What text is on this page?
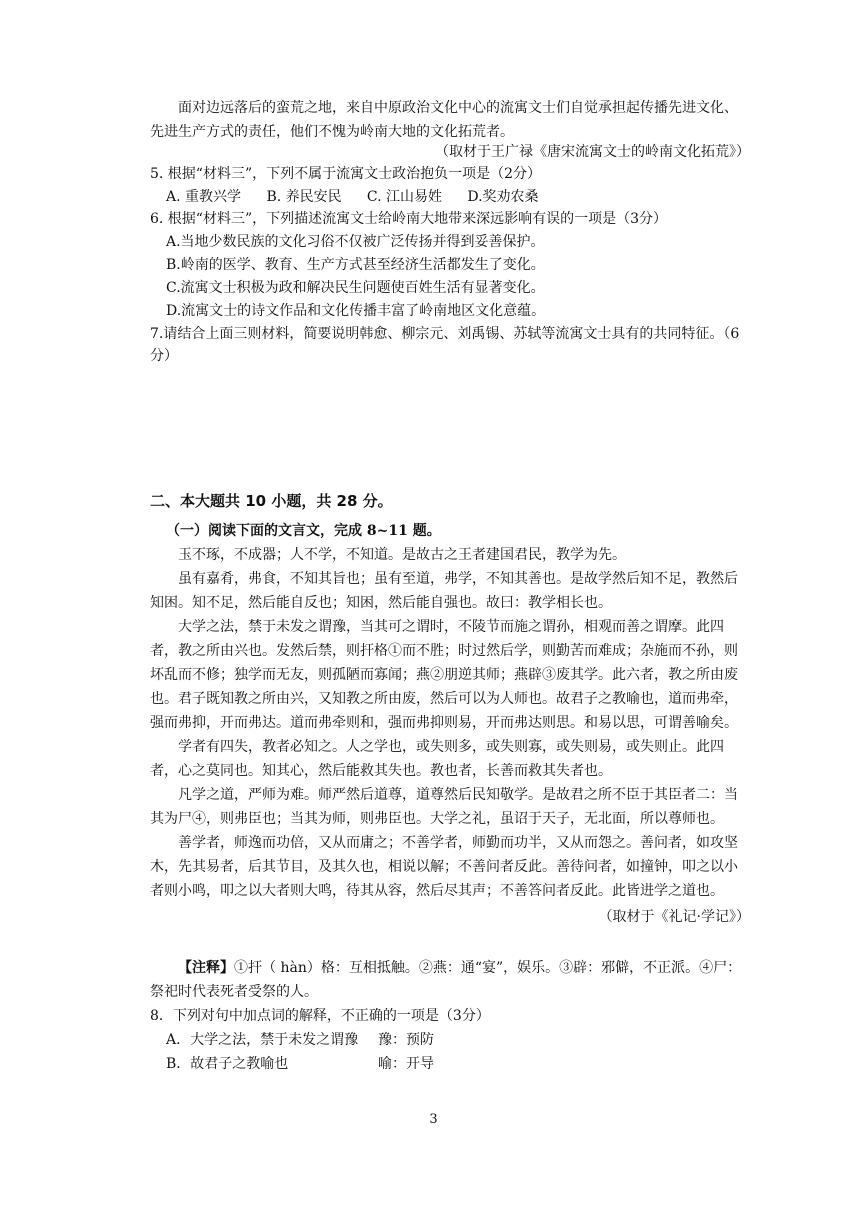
面对边远落后的蛮荒之地，来自中原政治文化中心的流寓文士们自觉承担起传播先进文化、
先进生产方式的责任，他们不愧为岭南大地的文化拓荒者。
（取材于王广禄《唐宋流寓文士的岭南文化拓荒》）
5. 根据“材料三”，下列不属于流寓文士政治抱负一项是（2分）
A. 重教兴学 B. 养民安民 C. 江山易姓 D.奖劝农桑
6. 根据“材料三”，下列描述流寓文士给岭南大地带来深远影响有误的一项是（3分）
A.当地少数民族的文化习俗不仅被广泛传扬并得到妥善保护。
B.岭南的医学、教育、生产方式甚至经济生活都发生了变化。
C.流寓文士积极为政和解决民生问题使百姓生活有显著变化。
D.流寓文士的诗文作品和文化传播丰富了岭南地区文化意蕴。
7.请结合上面三则材料，简要说明韩愈、柳宗元、刘禹锡、苏轼等流寓文士具有的共同特征。（6
分）
二、本大题共 10 小题，共 28 分。
（一）阅读下面的文言文，完成 8~11 题。
玉不琢，不成器；人不学，不知道。是故古之王者建国君民，教学为先。
虽有嘉肴，弗食，不知其旨也；虽有至道，弗学，不知其善也。是故学然后知不足，教然后知困。知不足，然后能自反也；知困，然后能自强也。故曰：教学相长也。
大学之法，禁于未发之谓豫，当其可之谓时，不陵节而施之谓孙，相观而善之谓摩。此四者，教之所由兴也。发然后禁，则扞格①而不胜；时过然后学，则勤苦而难成；杂施而不孙，则坏乱而不修；独学而无友，则孤陋而寡闻；燕②朋逆其师；燕辟③废其学。此六者，教之所由废也。 君子既知教之所由兴，又知教之所由废，然后可以为人师也。故君子之教喻也，道而弗牵，强而弗抑，开而弗达。道而弗牵则和，强而弗抑则易，开而弗达则思。和易以思，可谓善喻矣。
学者有四失，教者必知之。人之学也，或失则多，或失则寡，或失则易，或失则止。此四者，心之莫同也。知其心，然后能救其失也。教也者，长善而救其失者也。
凡学之道，严师为难。师严然后道尊，道尊然后民知敬学。是故君之所不臣于其臣者二：当其为尸④，则弗臣也；当其为师，则弗臣也。大学之礼，虽诏于天子，无北面，所以尊师也。
善学者，师逸而功倍，又从而庸之；不善学者，师勤而功半，又从而怨之。善问者，如攻坚木，先其易者，后其节目，及其久也，相说以解；不善问者反此。善待问者，如撞钟，叩之以小者则小鸣，叩之以大者则大鸣，待其从容，然后尽其声；不善答问者反此。此皆进学之道也。
（取材于《礼记·学记》）
【注释】①扞（ hàn）格：互相抵触。②燕：通“宴”，娱乐。③辟：邪僻，不正派。④尸：祭祀时代表死者受祭的人。
8．下列对句中加点词的解释，不正确的一项是（3分）
A．大学之法，禁于未发之谓豫 豫：预防
B．故君子之教喻也	喻：开导
3
